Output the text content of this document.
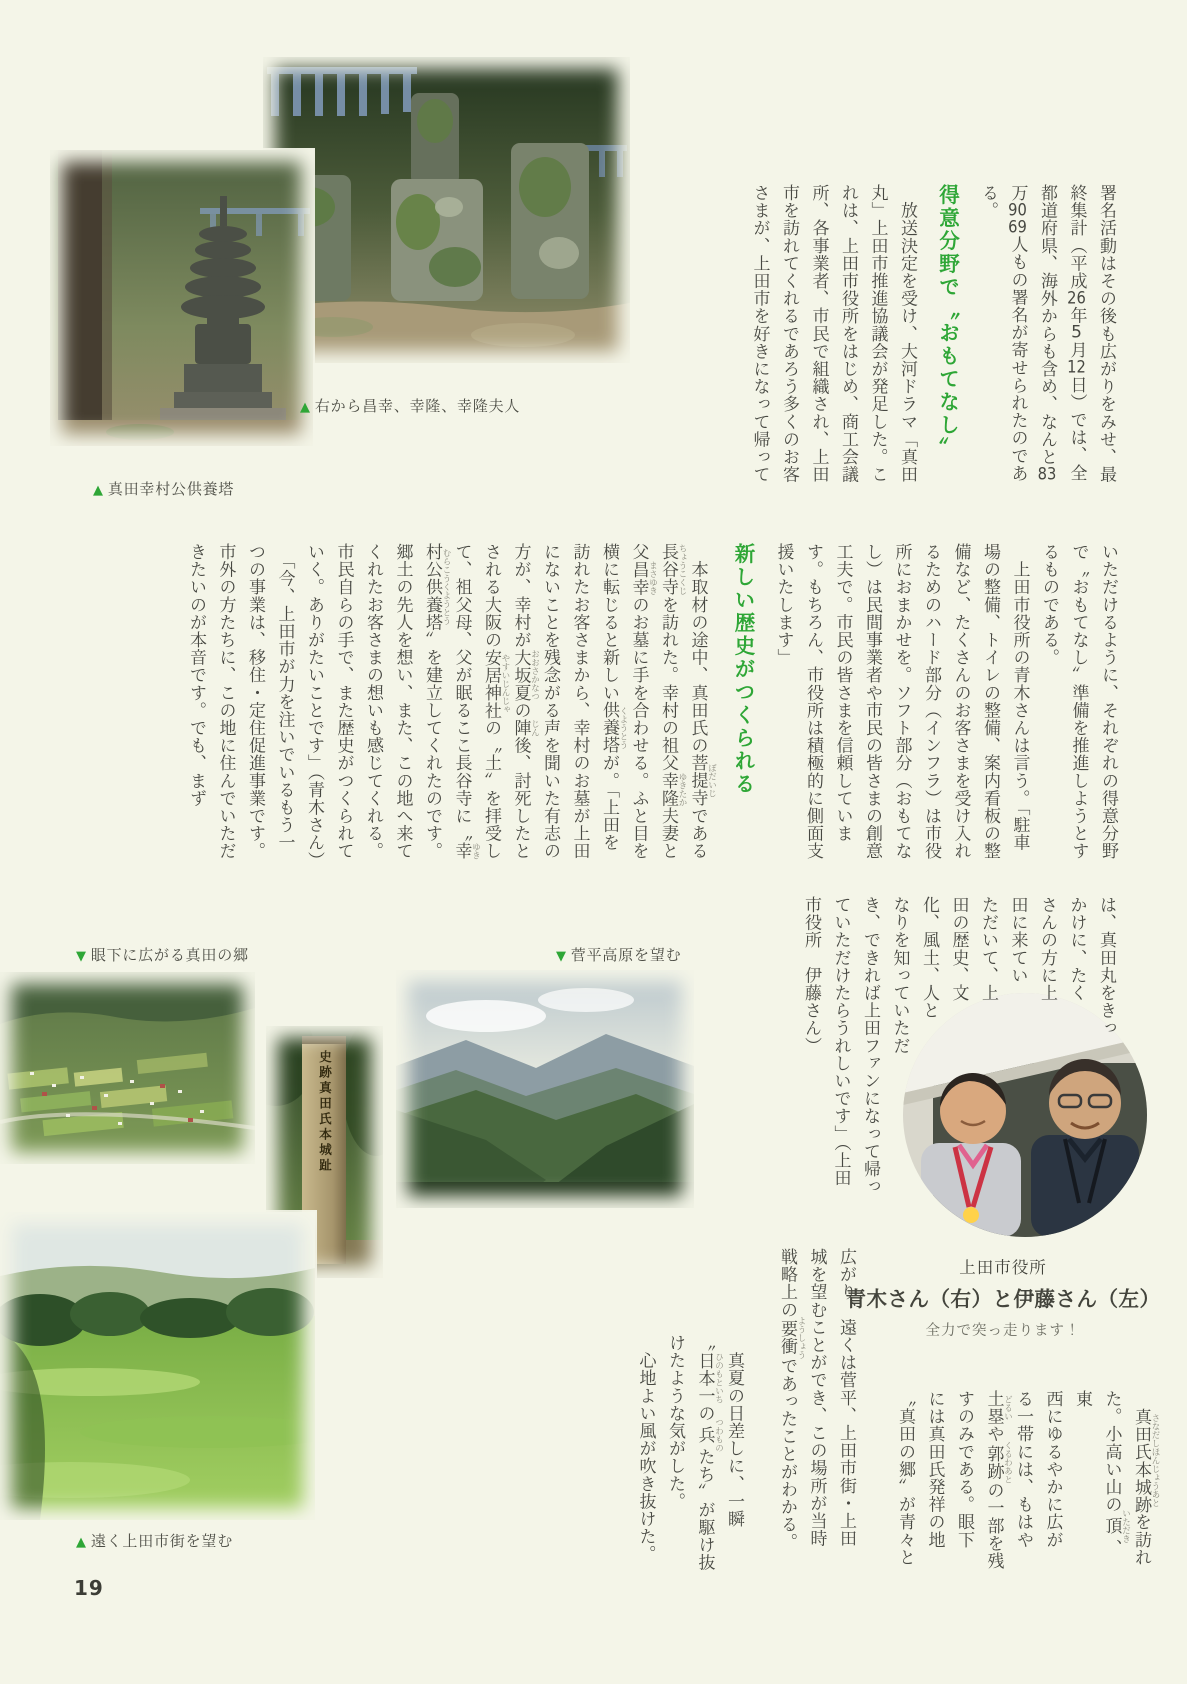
史跡真田氏本城趾

署名活動はその後も広がりをみせ、最終集計（平成26年5月12日）では、全都道府県、海外からも含め、なんと83万9069人もの署名が寄せられたのである。

得意分野で〝おもてなし〟

　放送決定を受け、大河ドラマ「真田丸」上田市推進協議会が発足した。これは、上田市役所をはじめ、商工会議所、各事業者、市民で組織され、上田市を訪れてくれるであろう多くのお客さまが、上田市を好きになって帰って

いただけるように、それぞれの得意分野で〝おもてなし〟準備を推進しようとするものである。

　上田市役所の青木さんは言う。「駐車場の整備、トイレの整備、案内看板の整備など、たくさんのお客さまを受け入れるためのハード部分（インフラ）は市役所におまかせを。ソフト部分（おもてなし）は民間事業者や市民の皆さまの創意工夫で。市民の皆さまを信頼しています。もちろん、市役所は積極的に側面支援いたします」

新しい歴史がつくられる

　本取材の途中、真田氏の菩提寺 ぼだいじである長谷寺 ちょうこくじを訪れた。幸村の祖父幸隆 ゆきたか夫妻と父昌幸 まさゆきのお墓に手を合わせる。ふと目を横に転じると新しい供養塔 くようとうが。「上田を訪れたお客さまから、幸村のお墓が上田にないことを残念がる声を聞いた有志の方が、幸村が大坂夏 おおさかなつの陣 じん後、討死したとされる大阪の安居神社 やすいじんじゃの〝土〟を拝受して、祖父母、父が眠るここ長谷寺に〝幸村公供養塔ゆきむらこうくようとう〟を建立してくれたのです。郷土の先人を想い、また、この地へ来てくれたお客さまの想いも感じてくれる。市民自らの手で、また歴史がつくられていく。ありがたいことです」（青木さん）

　「今、上田市が力を注いでいるもう一つの事業は、移住・定住促進事業です。市外の方たちに、この地に住んでいただきたいのが本音です。でも、まず

は、真田丸をきっ
かけに、たく
さんの方に上
田に来てい
ただいて、上
田の歴史、文
化、風土、人と
なりを知っていただ
き、できれば上田ファンになって帰っ
ていただけたらうれしいです」（上田
市役所　伊藤さん）

　真田氏本城跡 さなだしほんじょうあとを訪れ
た。小高い山の頂 いただき、東
西にゆるやかに広が
る一帯には、もはや
土塁 どるいや郭跡 くるわあとの一部を残
すのみである。眼下
には真田氏発祥の地
〝真田の郷〟が青々と

広がり、遠くは菅平、上田市街・上田
城を望むことができ、この場所が当時
戦略上の要衝 ようしょうであったことがわかる。

　真夏の日差しに、一瞬
〝日本一 ひのもといちの兵 つわものたち〟が駆け抜
けたような気がした。
　心地よい風が吹き抜けた。

▲ 右から昌幸、幸隆、幸隆夫人
▲ 真田幸村公供養塔
▼ 眼下に広がる真田の郷	▼ 菅平高原を望む
▲ 遠く上田市街を望む

上田市役所

青木さん（右）と伊藤さん（左）

全力で突っ走ります！

19
